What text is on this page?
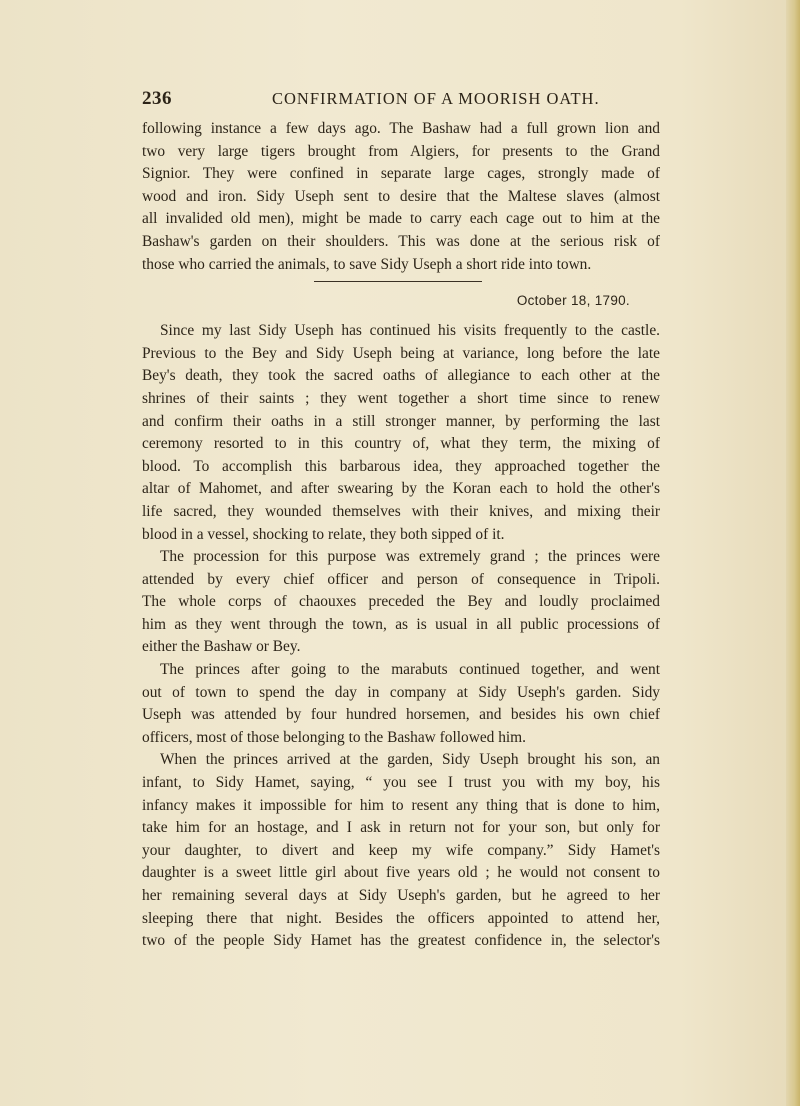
236	CONFIRMATION OF A MOORISH OATH.
following instance a few days ago. The Bashaw had a full grown lion and
two very large tigers brought from Algiers, for presents to the Grand
Signior. They were confined in separate large cages, strongly made of
wood and iron. Sidy Useph sent to desire that the Maltese slaves (almost
all invalided old men), might be made to carry each cage out to him at the
Bashaw's garden on their shoulders. This was done at the serious risk of
those who carried the animals, to save Sidy Useph a short ride into town.
October 18, 1790.
Since my last Sidy Useph has continued his visits frequently to the castle.
Previous to the Bey and Sidy Useph being at variance, long before the late
Bey's death, they took the sacred oaths of allegiance to each other at the
shrines of their saints ; they went together a short time since to renew
and confirm their oaths in a still stronger manner, by performing the last
ceremony resorted to in this country of, what they term, the mixing of
blood. To accomplish this barbarous idea, they approached together the
altar of Mahomet, and after swearing by the Koran each to hold the other's
life sacred, they wounded themselves with their knives, and mixing their
blood in a vessel, shocking to relate, they both sipped of it.
The procession for this purpose was extremely grand ; the princes were
attended by every chief officer and person of consequence in Tripoli.
The whole corps of chaouxes preceded the Bey and loudly proclaimed
him as they went through the town, as is usual in all public processions of
either the Bashaw or Bey.
The princes after going to the marabuts continued together, and went
out of town to spend the day in company at Sidy Useph's garden. Sidy
Useph was attended by four hundred horsemen, and besides his own chief
officers, most of those belonging to the Bashaw followed him.
When the princes arrived at the garden, Sidy Useph brought his son, an
infant, to Sidy Hamet, saying, “ you see I trust you with my boy, his
infancy makes it impossible for him to resent any thing that is done to him,
take him for an hostage, and I ask in return not for your son, but only for
your daughter, to divert and keep my wife company.” Sidy Hamet's
daughter is a sweet little girl about five years old ; he would not consent to
her remaining several days at Sidy Useph's garden, but he agreed to her
sleeping there that night. Besides the officers appointed to attend her,
two of the people Sidy Hamet has the greatest confidence in, the selector's
